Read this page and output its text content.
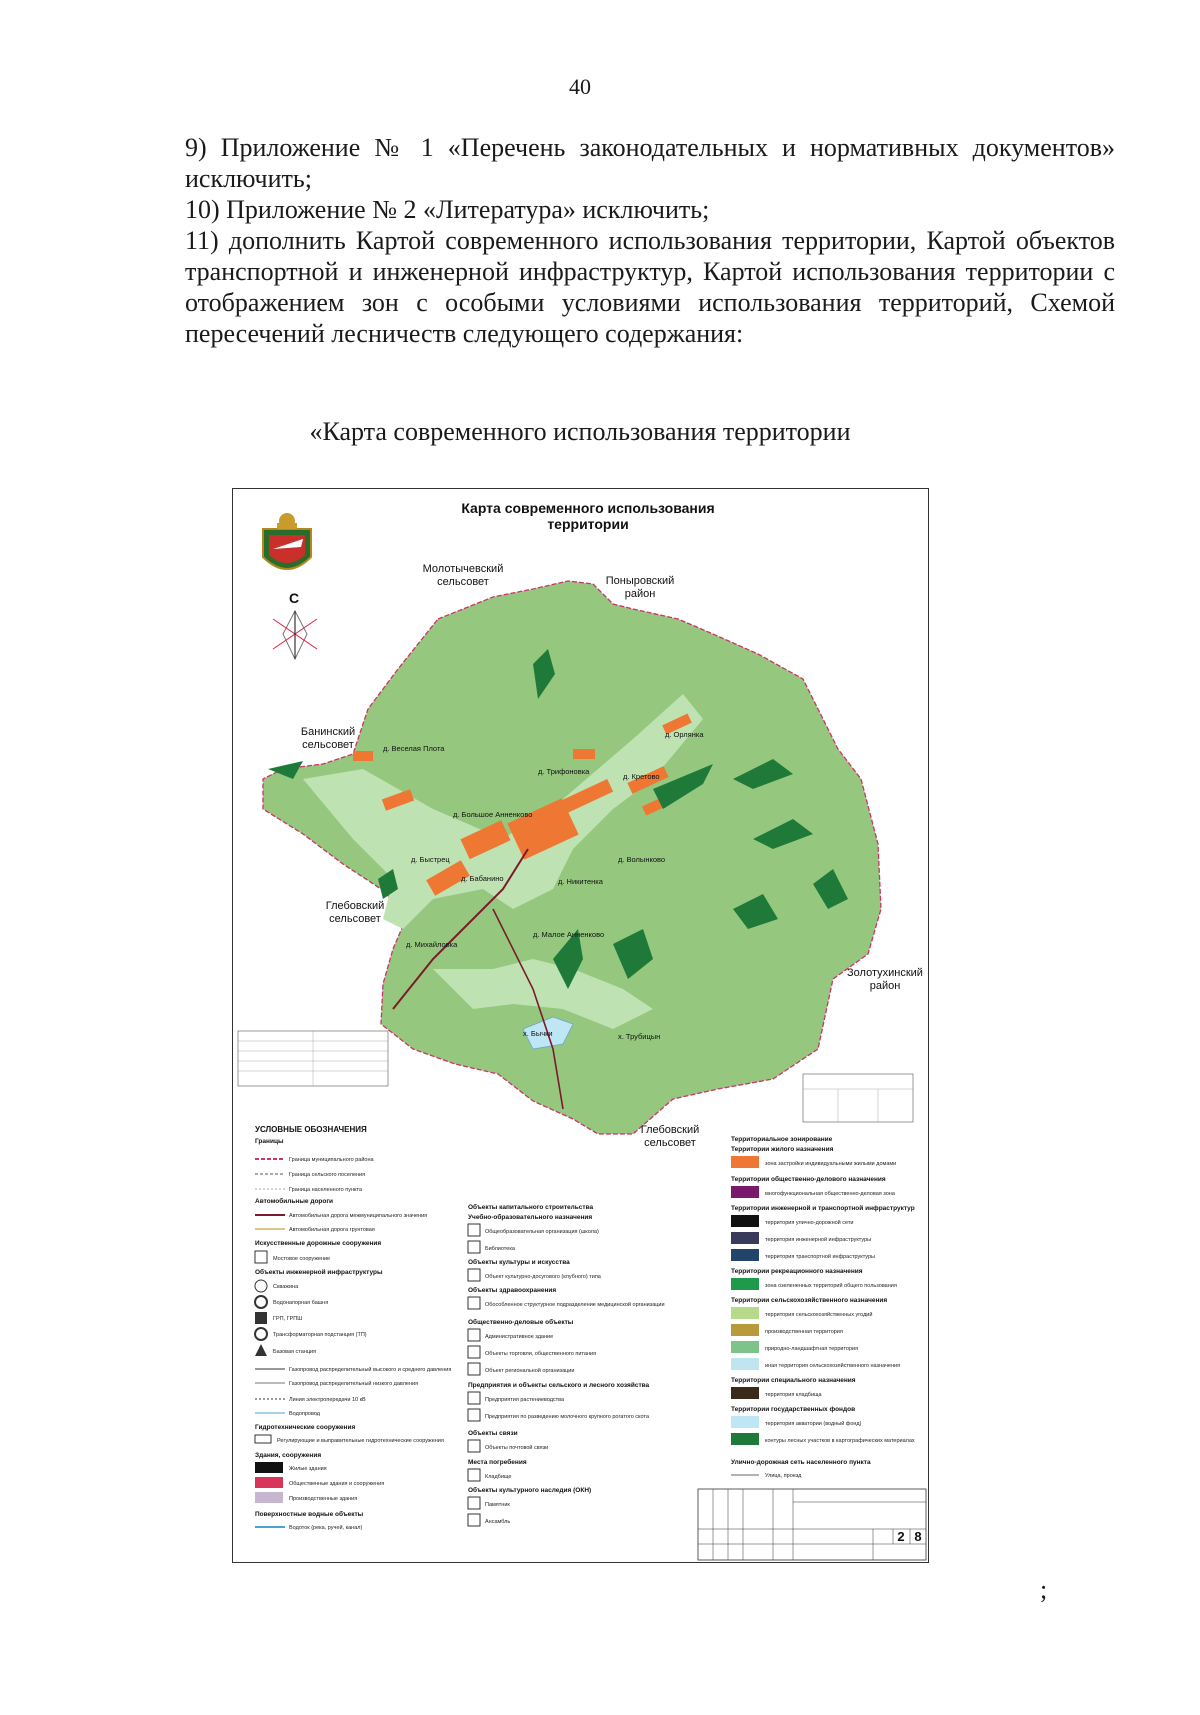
40
9) Приложение № 1 «Перечень законодательных и нормативных документов» исключить;
10) Приложение № 2 «Литература» исключить;
11) дополнить Картой современного использования территории, Картой объектов транспортной и инженерной инфраструктур, Картой использования территории с отображением зон с особыми условиями использования территорий, Схемой пересечений лесничеств следующего содержания:
«Карта современного использования территории
С
Карта современного использования
территории
Молотычевский
сельсовет	Поныровский
район
Банинский
сельсовет
Глебовский
сельсовет
Золотухинский
район
Глебовский
сельсовет
д. Веселая Плота
д. Трифоновка
д. Кретово
д. Орлянка
д. Большое Анненково
д. Быстрец
д. Бабанино
д. Волынково
д. Никитенка
д. Михайловка
д. Малое Анненково
х. Бычки	х. Трубицын
УСЛОВНЫЕ ОБОЗНАЧЕНИЯ
Границы
Граница муниципального района
Граница сельского поселения
Граница населенного пункта
Автомобильные дороги
Автомобильная дорога межмуниципального значения
Автомобильная дорога грунтовая
Искусственные дорожные сооружения
Мостовое сооружение
Объекты инженерной инфраструктуры
Скважина
Водонапорная башня
ГРП, ГРПШ
Трансформаторная подстанция (ТП)
Базовая станция
Газопровод распределительный высокого и среднего давления
Газопровод распределительный низкого давления
Линия электропередачи 10 кВ
Водопровод
Гидротехнические сооружения
Регулирующие и выправительные гидротехнические сооружения
Здания, сооружения
Жилые здания
Общественные здания и сооружения
Производственные здания
Поверхностные водные объекты
Водоток (река, ручей, канал)
Объекты капитального строительства
Учебно-образовательного назначения
Общеобразовательная организация (школа)
Библиотека
Объекты культуры и искусства
Объект культурно-досугового (клубного) типа
Объекты здравоохранения
Обособленное структурное подразделение медицинской организации
Общественно-деловые объекты
Административное здание
Объекты торговли, общественного питания
Объект региональной организации
Предприятия и объекты сельского и лесного хозяйства
Предприятия растениеводства
Предприятия по разведению молочного крупного рогатого скота
Объекты связи
Объекты почтовой связи
Места погребения
Кладбище
Объекты культурного наследия (ОКН)
Памятник
Ансамбль
Территориальное зонирование
Территории жилого назначения
зона застройки индивидуальными жилыми домами
Территории общественно-делового назначения
многофункциональная общественно-деловая зона
Территории инженерной и транспортной инфраструктур
территория улично-дорожной сети
территория инженерной инфраструктуры
территория транспортной инфраструктуры
Территории рекреационного назначения
зона озелененных территорий общего пользования
Территории сельскохозяйственного назначения
территория сельскохозяйственных угодий
производственная территория
природно-ландшафтная территория
иная территория сельскохозяйственного назначения
Территории специального назначения
территория кладбища
Территории государственных фондов
территория акватории (водный фонд)
контуры лесных участков в картографических материалах
Улично-дорожная сеть населенного пункта
Улица, проезд
2 8
;
